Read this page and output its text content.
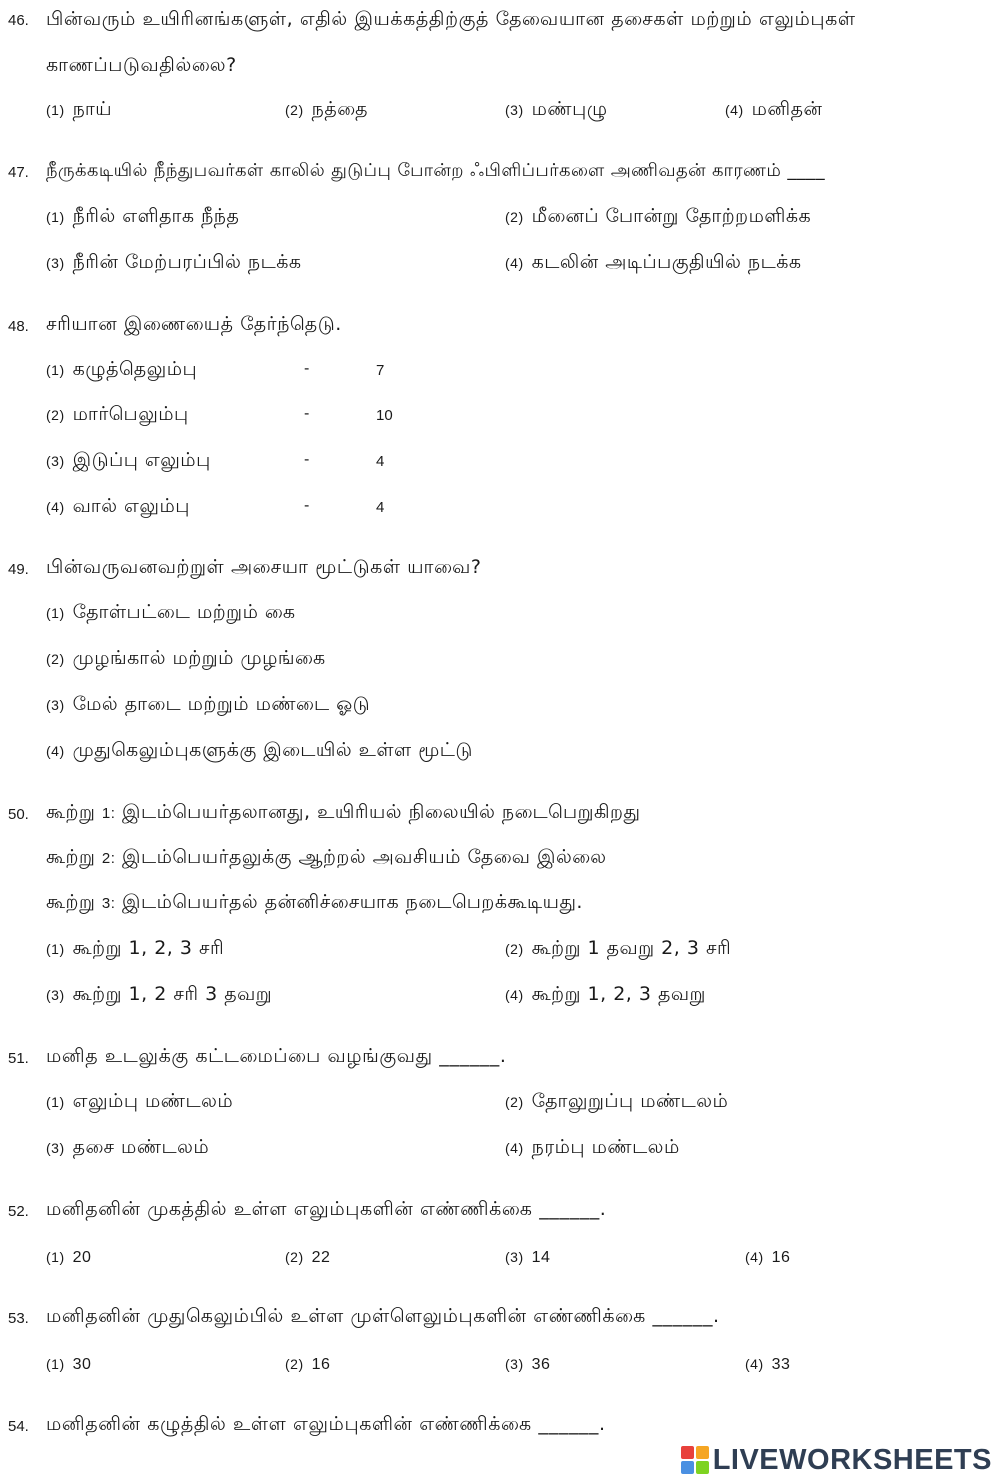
46. பின்வரும் உயிரினங்களுள், எதில் இயக்கத்திற்குத் தேவையான தசைகள் மற்றும் எலும்புகள்
காணப்படுவதில்லை?
(1) நாய்	(2) நத்தை	(3) மண்புழு	(4) மனிதன்
47. நீருக்கடியில் நீந்துபவர்கள் காலில் துடுப்பு போன்ற ஃபிளிப்பர்களை அணிவதன் காரணம் ____
(1) நீரில் எளிதாக நீந்த	(2) மீனைப் போன்று தோற்றமளிக்க
(3) நீரின் மேற்பரப்பில் நடக்க	(4) கடலின் அடிப்பகுதியில் நடக்க
48. சரியான இணையைத் தேர்ந்தெடு.
(1) கழுத்தெலும்பு	-	7
(2) மார்பெலும்பு	-	10
(3) இடுப்பு எலும்பு	-	4
(4) வால் எலும்பு	-	4
49. பின்வருவனவற்றுள் அசையா மூட்டுகள் யாவை?
(1) தோள்பட்டை மற்றும் கை
(2) முழங்கால் மற்றும் முழங்கை
(3) மேல் தாடை மற்றும் மண்டை ஓடு
(4) முதுகெலும்புகளுக்கு இடையில் உள்ள மூட்டு
50. கூற்று 1: இடம்பெயர்தலானது, உயிரியல் நிலையில் நடைபெறுகிறது
கூற்று 2: இடம்பெயர்தலுக்கு ஆற்றல் அவசியம் தேவை இல்லை
கூற்று 3: இடம்பெயர்தல் தன்னிச்சையாக நடைபெறக்கூடியது.
(1) கூற்று 1, 2, 3 சரி	(2) கூற்று 1 தவறு 2, 3 சரி
(3) கூற்று 1, 2 சரி 3 தவறு	(4) கூற்று 1, 2, 3 தவறு
51. மனித உடலுக்கு கட்டமைப்பை வழங்குவது ______.
(1) எலும்பு மண்டலம்	(2) தோலுறுப்பு மண்டலம்
(3) தசை மண்டலம்	(4) நரம்பு மண்டலம்
52. மனிதனின் முகத்தில் உள்ள எலும்புகளின் எண்ணிக்கை ______.
(1) 20	(2) 22	(3) 14	(4) 16
53. மனிதனின் முதுகெலும்பில் உள்ள முள்ளெலும்புகளின் எண்ணிக்கை ______.
(1) 30	(2) 16	(3) 36	(4) 33
54. மனிதனின் கழுத்தில் உள்ள எலும்புகளின் எண்ணிக்கை ______.
LIVEWORKSHEETS
